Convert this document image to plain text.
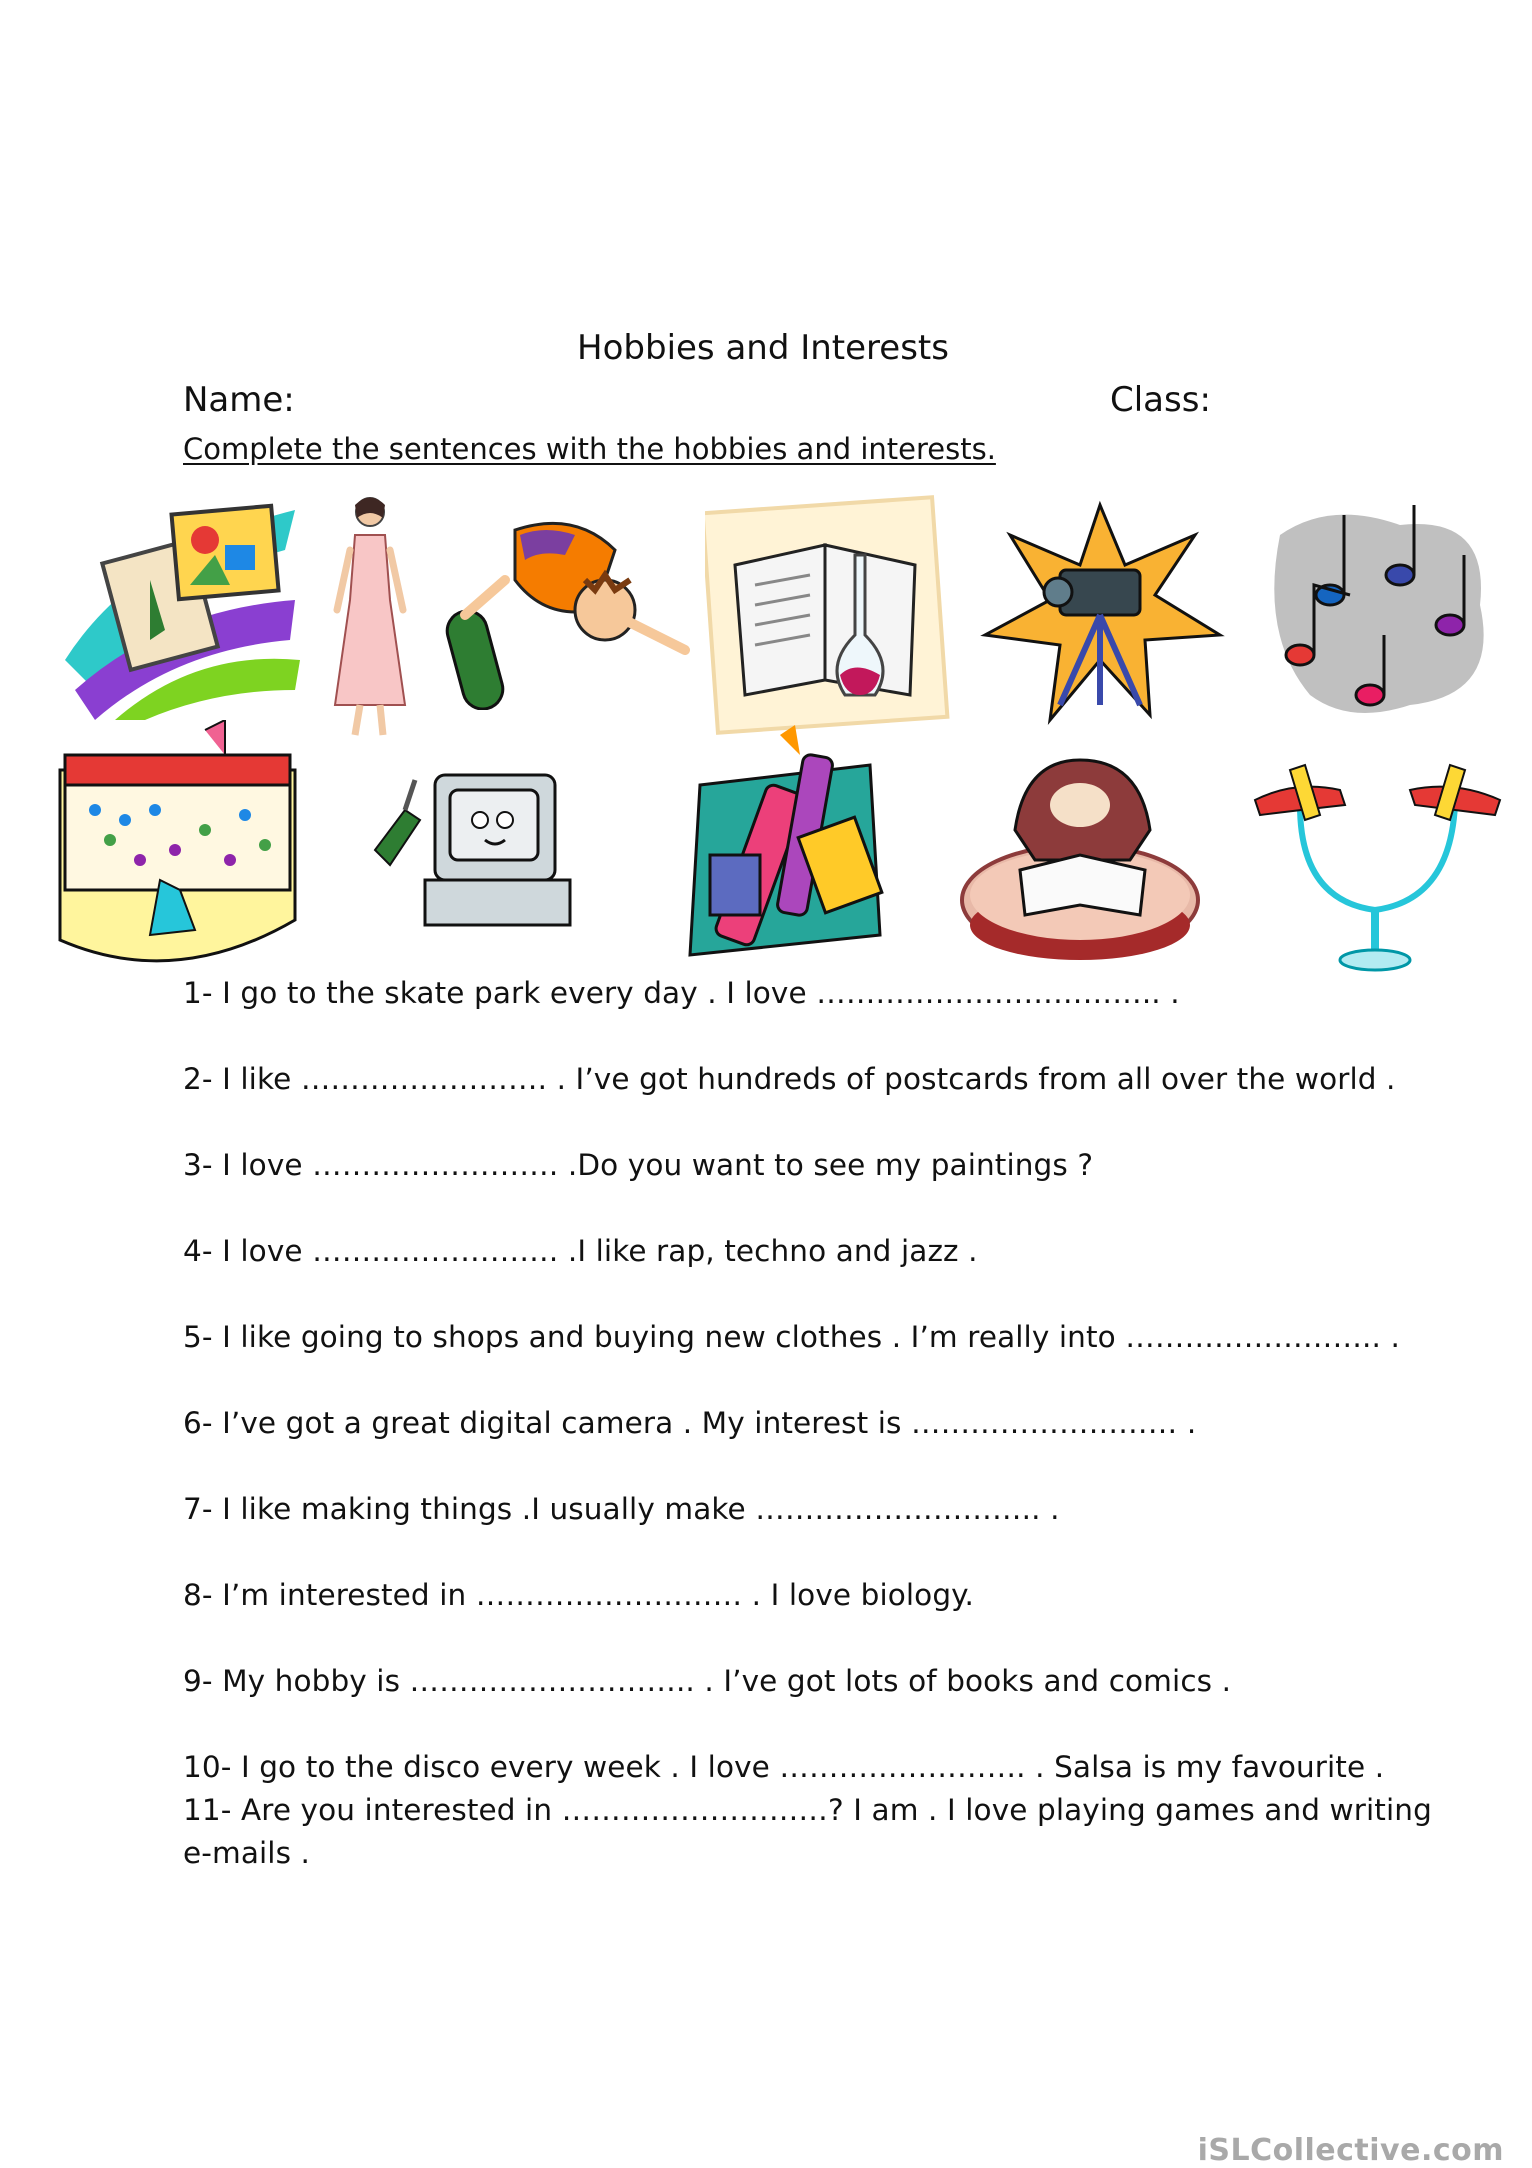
Hobbies and Interests
Name:	Class:
Complete the sentences with the hobbies and interests.
1- I go to the skate park every day . I love …………………………….. .
2- I like ……………………. . I’ve got hundreds of postcards from all over the world .
3- I love ……………………. .Do you want to see my paintings ?
4- I love ……………………. .I like rap, techno and jazz .
5- I like going to shops and buying new clothes . I’m really into …………………….. .
6- I’ve got a great digital camera . My interest is ……………………… .
7- I like making things .I usually make ……………………….. .
8- I’m interested in ……………………… . I love biology.
9- My hobby is ……………………….. . I’ve got lots of books and comics .
10- I go to the disco every week . I love ……………………. . Salsa is my favourite .
11- Are you interested in ………………………? I am . I love playing games and writing
e-mails .
iSLCollective.com
